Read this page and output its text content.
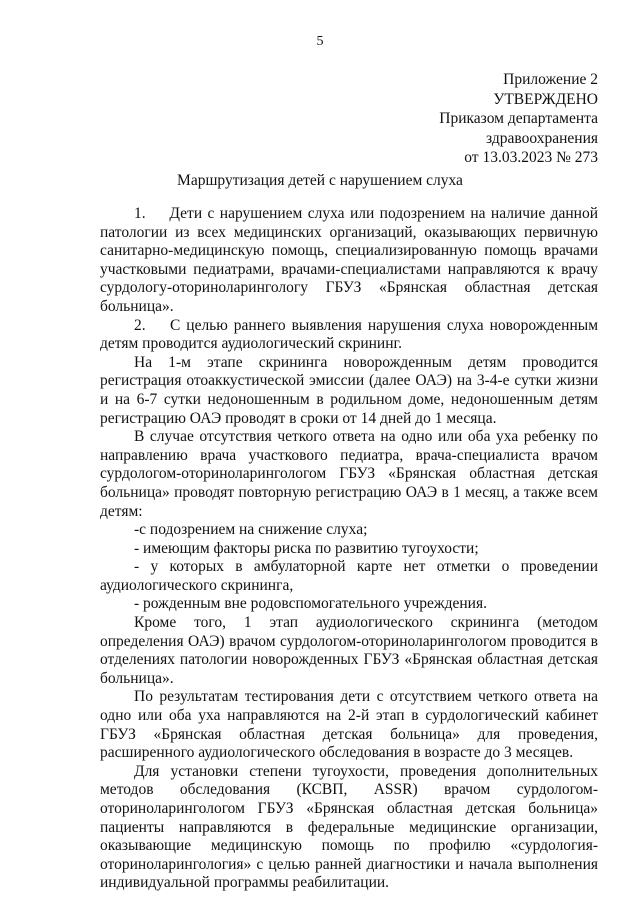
5
Приложение 2
УТВЕРЖДЕНО
Приказом департамента
здравоохранения
от 13.03.2023 № 273
Маршрутизация детей с нарушением слуха

1. Дети с нарушением слуха или подозрением на наличие данной патологии из всех медицинских организаций, оказывающих первичную санитарно-медицинскую помощь, специализированную помощь врачами участковыми педиатрами, врачами-специалистами направляются к врачу сурдологу-оториноларингологу ГБУЗ «Брянская областная детская больница».

2. С целью раннего выявления нарушения слуха новорожденным детям проводится аудиологический скрининг.

На 1-м этапе скрининга новорожденным детям проводится регистрация отоаккустической эмиссии (далее ОАЭ) на 3-4-е сутки жизни и на 6-7 сутки недоношенным в родильном доме, недоношенным детям регистрацию ОАЭ проводят в сроки от 14 дней до 1 месяца.

В случае отсутствия четкого ответа на одно или оба уха ребенку по направлению врача участкового педиатра, врача-специалиста врачом сурдологом-оториноларингологом ГБУЗ «Брянская областная детская больница» проводят повторную регистрацию ОАЭ в 1 месяц, а также всем детям:

-с подозрением на снижение слуха;

- имеющим факторы риска по развитию тугоухости;

- у которых в амбулаторной карте нет отметки о проведении аудиологического скрининга,

- рожденным вне родовспомогательного учреждения.

Кроме того, 1 этап аудиологического скрининга (методом определения ОАЭ) врачом сурдологом-оториноларингологом проводится в отделениях патологии новорожденных ГБУЗ «Брянская областная детская больница».

По результатам тестирования дети с отсутствием четкого ответа на одно или оба уха направляются на 2-й этап в сурдологический кабинет ГБУЗ «Брянская областная детская больница» для проведения, расширенного аудиологического обследования в возрасте до 3 месяцев.

Для установки степени тугоухости, проведения дополнительных методов обследования (КСВП, ASSR) врачом сурдологом-оториноларингологом ГБУЗ «Брянская областная детская больница» пациенты направляются в федеральные медицинские организации, оказывающие медицинскую помощь по профилю «сурдология-оториноларингология» с целью ранней диагностики и начала выполнения индивидуальной программы реабилитации.
